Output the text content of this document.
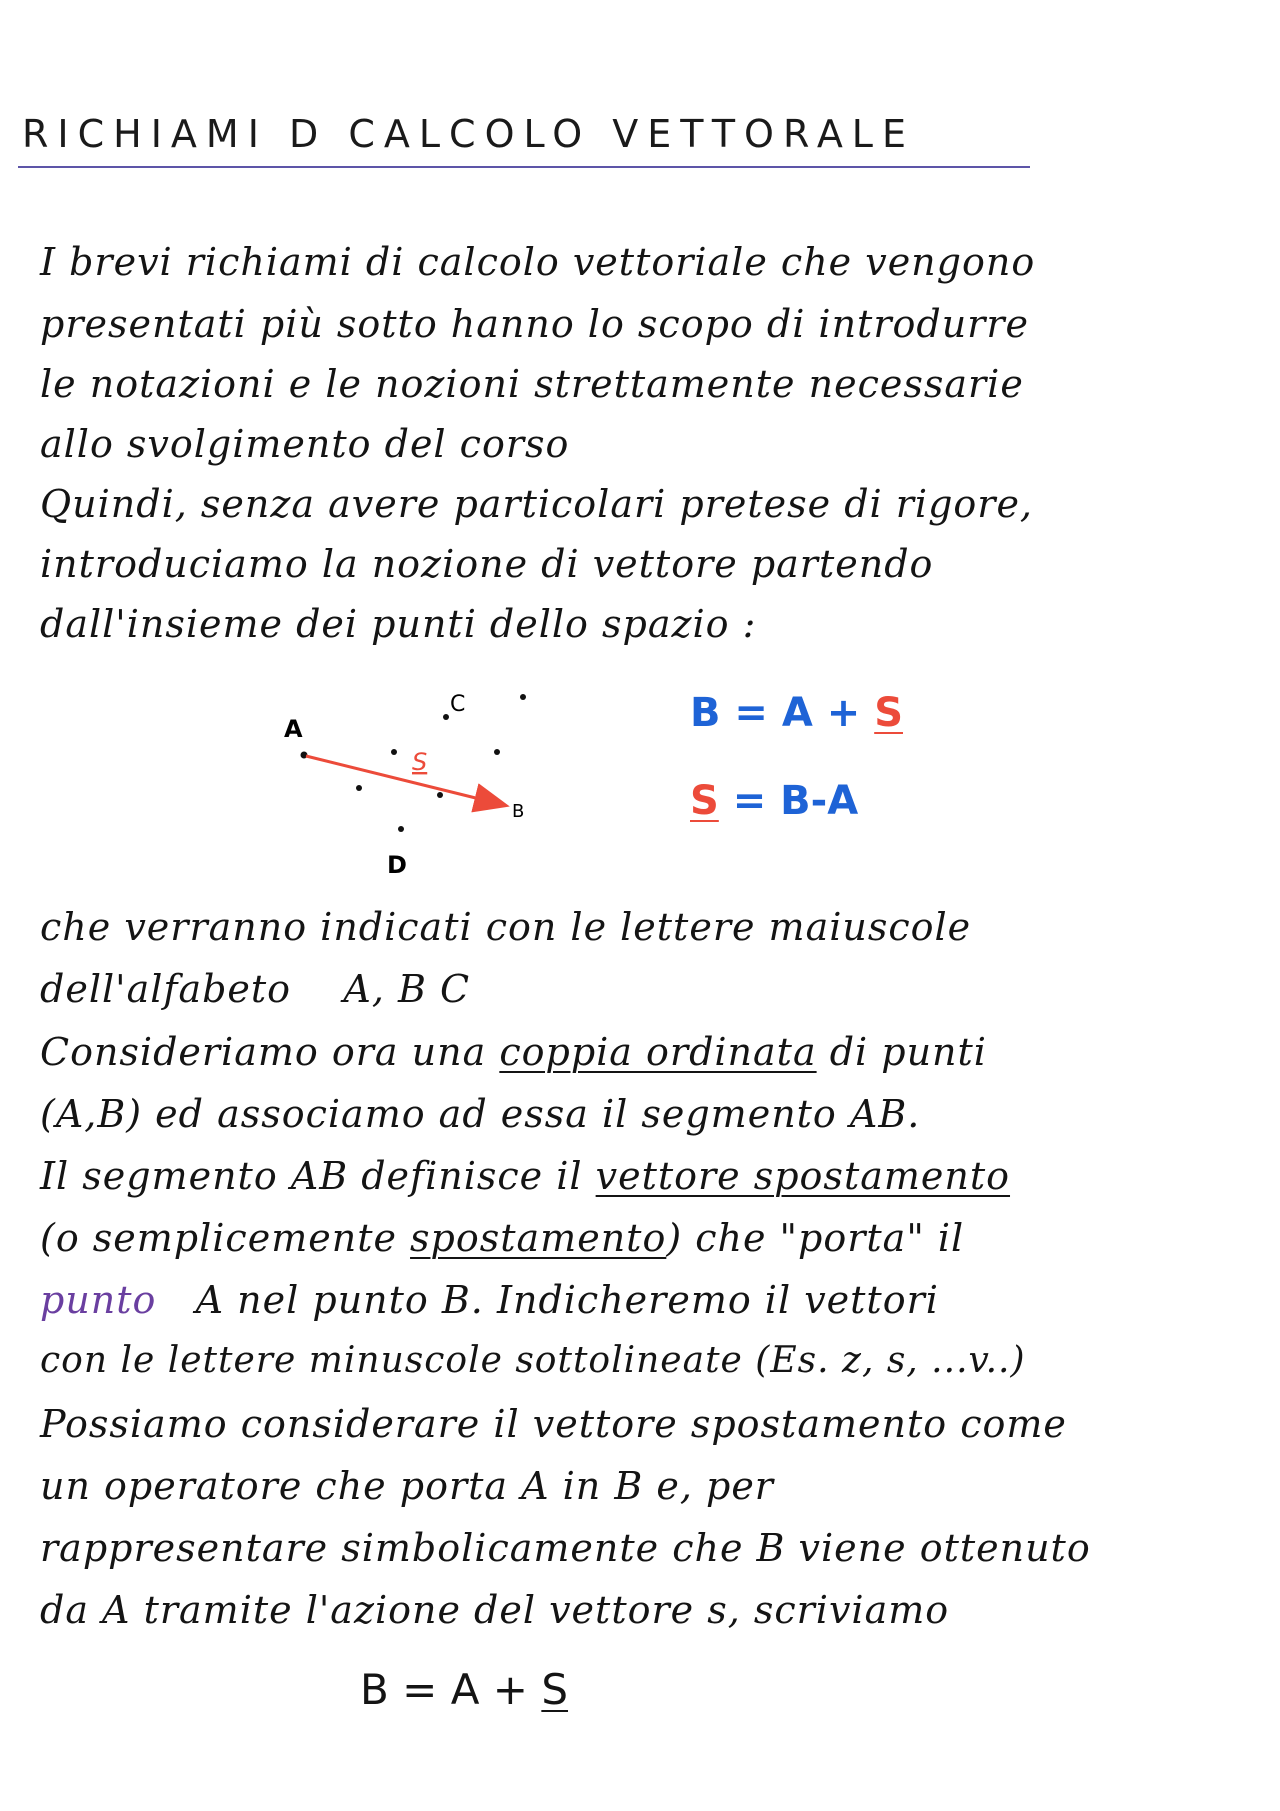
RICHIAMI D CALCOLO VETTORALE
I brevi richiami di calcolo vettoriale che vengono
presentati più sotto hanno lo scopo di introdurre
le notazioni e le nozioni strettamente necessarie
allo svolgimento del corso
Quindi, senza avere particolari pretese di rigore,
introduciamo la nozione di vettore partendo
dall'insieme dei punti dello spazio :
A
C
D
B
S
B = A + S
S = B-A
che verranno indicati con le lettere maiuscole
dell'alfabeto    A, B C
Consideriamo ora una coppia ordinata di punti
(A,B) ed associamo ad essa il segmento AB.
Il segmento AB definisce il vettore spostamento
(o semplicemente spostamento) che "porta" il
punto   A nel punto B. Indicheremo il vettori
con le lettere minuscole sottolineate (Es. z, s, ...v..)
Possiamo considerare il vettore spostamento come
un operatore che porta A in B e, per
rappresentare simbolicamente che B viene ottenuto
da A tramite l'azione del vettore s, scriviamo
B = A + S
